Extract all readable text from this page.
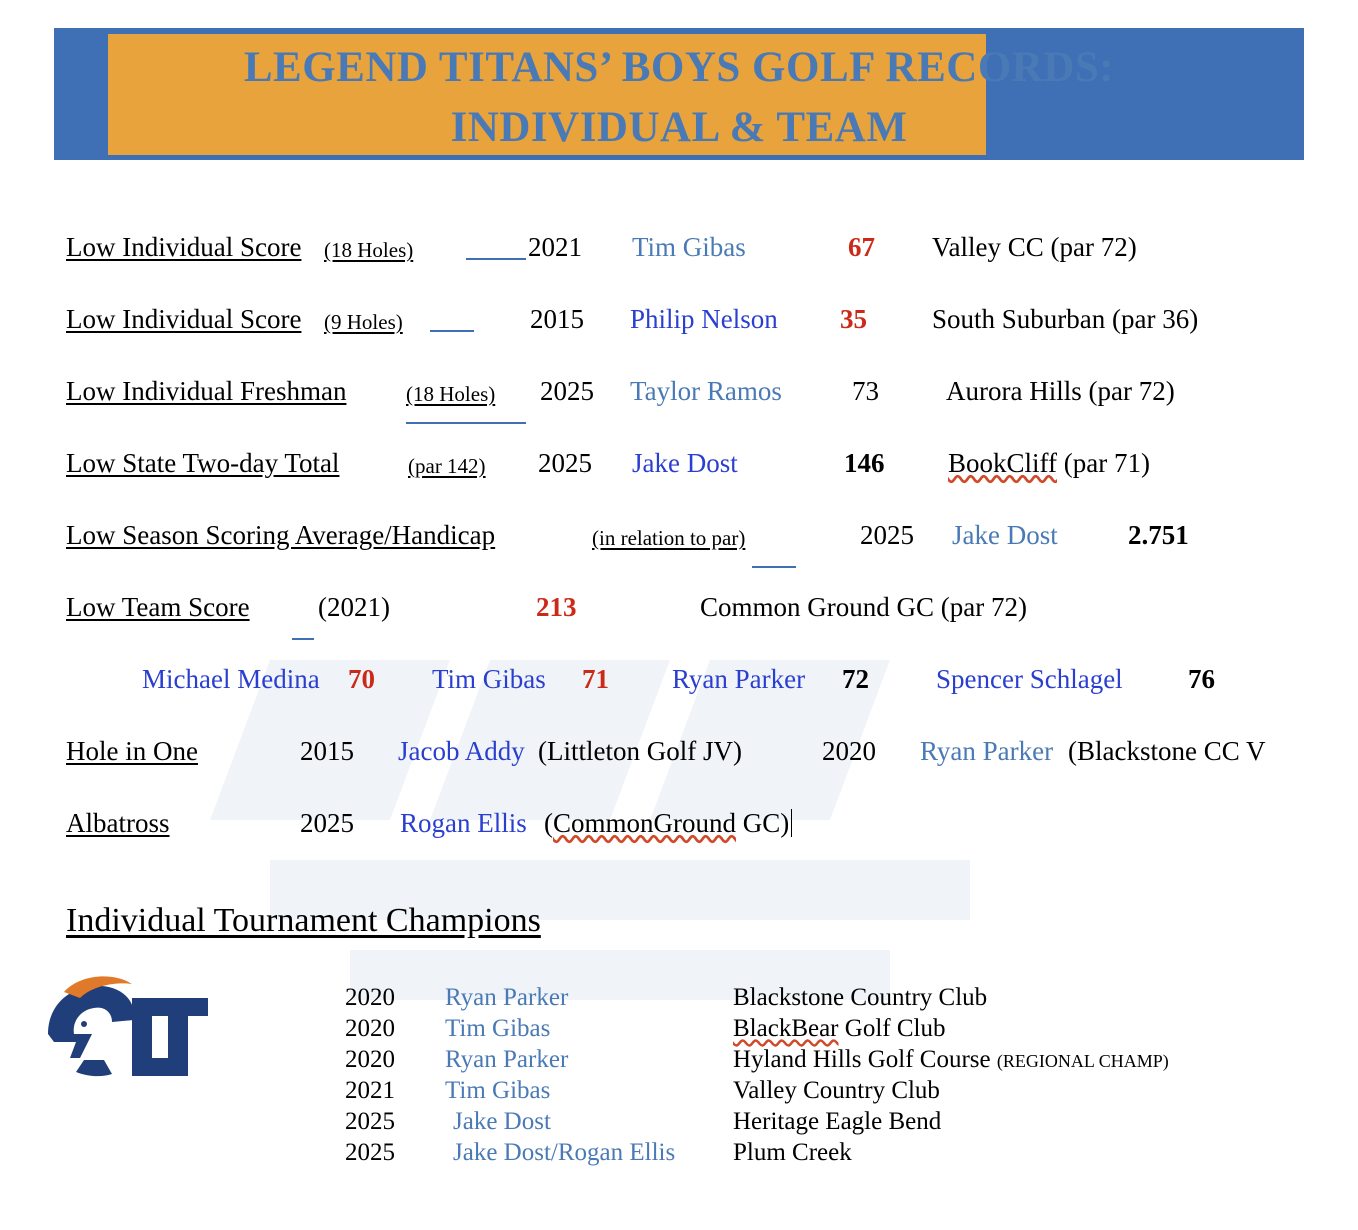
LEGEND TITANS’ BOYS GOLF RECORDS:
INDIVIDUAL & TEAM
Low Individual Score (18 Holes)	2021 Tim Gibas	67 Valley CC (par 72)
Low Individual Score (9 Holes)	2015 Philip Nelson 35 South Suburban (par 36)
Low Individual Freshman	(18 Holes) 2025 Taylor Ramos	73 Aurora Hills (par 72)
Low State Two-day Total	(par 142) 2025 Jake Dost	146 BookCliff (par 71)
Low Season Scoring Average/Handicap	(in relation to par)	2025 Jake Dost	2.751
Low Team Score	(2021)	213	Common Ground GC (par 72)
Michael Medina 70 Tim Gibas 71 Ryan Parker 72 Spencer Schlagel 76
Hole in One	2015 Jacob Addy (Littleton Golf JV)	2020 Ryan Parker (Blackstone CC V
Albatross	2025 Rogan Ellis (CommonGround GC)
Individual Tournament Champions
2020	Ryan Parker	Blackstone Country Club
2020	Tim Gibas	BlackBear Golf Club
2020	Ryan Parker	Hyland Hills Golf Course (REGIONAL CHAMP)
2021	Tim Gibas	Valley Country Club
2025	Jake Dost	Heritage Eagle Bend
2025	Jake Dost/Rogan Ellis	Plum Creek
